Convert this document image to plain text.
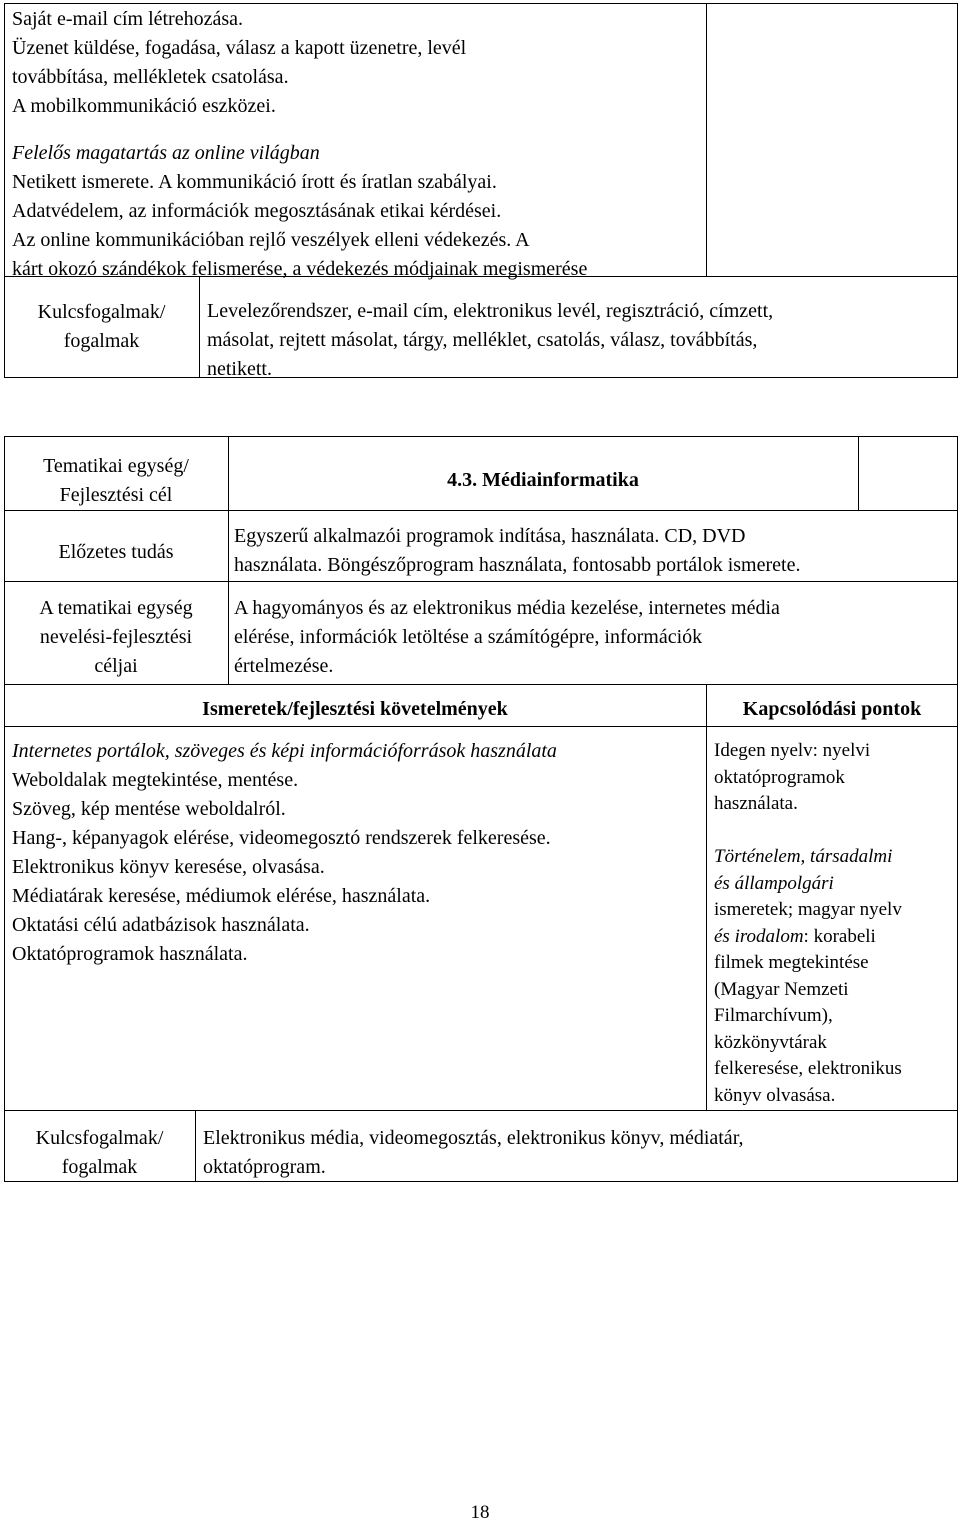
Saját e-mail cím létrehozása.
Üzenet küldése, fogadása, válasz a kapott üzenetre, levél
továbbítása, mellékletek csatolása.
A mobilkommunikáció eszközei.
Felelős magatartás az online világban
Netikett ismerete. A kommunikáció írott és íratlan szabályai.
Adatvédelem, az információk megosztásának etikai kérdései.
Az online kommunikációban rejlő veszélyek elleni védekezés. A
kárt okozó szándékok felismerése, a védekezés módjainak megismerése
Kulcsfogalmak/
fogalmak
Levelezőrendszer, e-mail cím, elektronikus levél, regisztráció, címzett,
másolat, rejtett másolat, tárgy, melléklet, csatolás, válasz, továbbítás,
netikett.
Tematikai egység/
Fejlesztési cél
4.3. Médiainformatika
Előzetes tudás
Egyszerű alkalmazói programok indítása, használata. CD, DVD
használata. Böngészőprogram használata, fontosabb portálok ismerete.
A tematikai egység
nevelési-fejlesztési
céljai
A hagyományos és az elektronikus média kezelése, internetes média
elérése, információk letöltése a számítógépre, információk
értelmezése.
Ismeretek/fejlesztési követelmények	Kapcsolódási pontok
Internetes portálok, szöveges és képi információforrások használata
Weboldalak megtekintése, mentése.
Szöveg, kép mentése weboldalról.
Hang-, képanyagok elérése, videomegosztó rendszerek felkeresése.
Elektronikus könyv keresése, olvasása.
Médiatárak keresése, médiumok elérése, használata.
Oktatási célú adatbázisok használata.
Oktatóprogramok használata.
Idegen nyelv: nyelvi
oktatóprogramok
használata.
Történelem, társadalmi
és állampolgári
ismeretek; magyar nyelv
és irodalom: korabeli
filmek megtekintése
(Magyar Nemzeti
Filmarchívum),
közkönyvtárak
felkeresése, elektronikus
könyv olvasása.
Kulcsfogalmak/
fogalmak
Elektronikus média, videomegosztás, elektronikus könyv, médiatár,
oktatóprogram.
18
